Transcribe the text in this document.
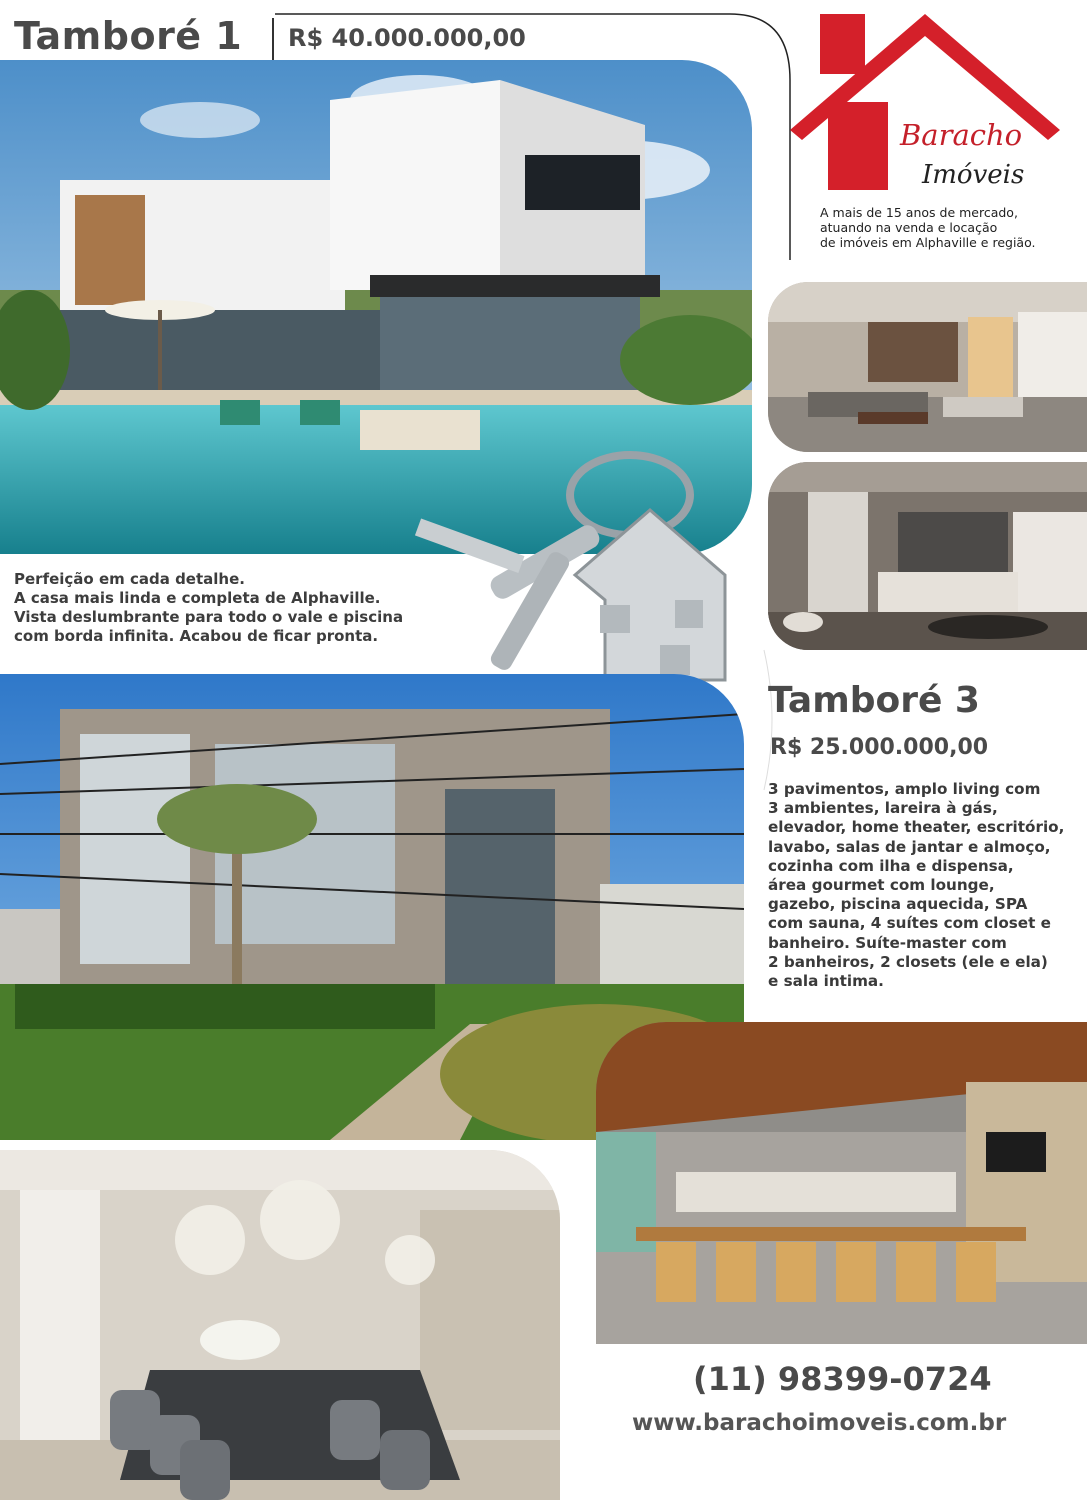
Tamboré 1 R$ 40.000.000,00
Perfeição em cada detalhe.
A casa mais linda e completa de Alphaville.
Vista deslumbrante para todo o vale e piscina
com borda infinita. Acabou de ficar pronta.
Baracho
Imóveis
A mais de 15 anos de mercado,
atuando na venda e locação
de imóveis em Alphaville e região.
Tamboré 3
R$ 25.000.000,00
3 pavimentos, amplo living com
3 ambientes, lareira à gás,
elevador, home theater, escritório,
lavabo, salas de jantar e almoço,
cozinha com ilha e dispensa,
área gourmet com lounge,
gazebo, piscina aquecida, SPA
com sauna, 4 suítes com closet e
banheiro. Suíte-master com
2 banheiros, 2 closets (ele e ela)
e sala intima.
(11) 98399-0724
www.barachoimoveis.com.br
